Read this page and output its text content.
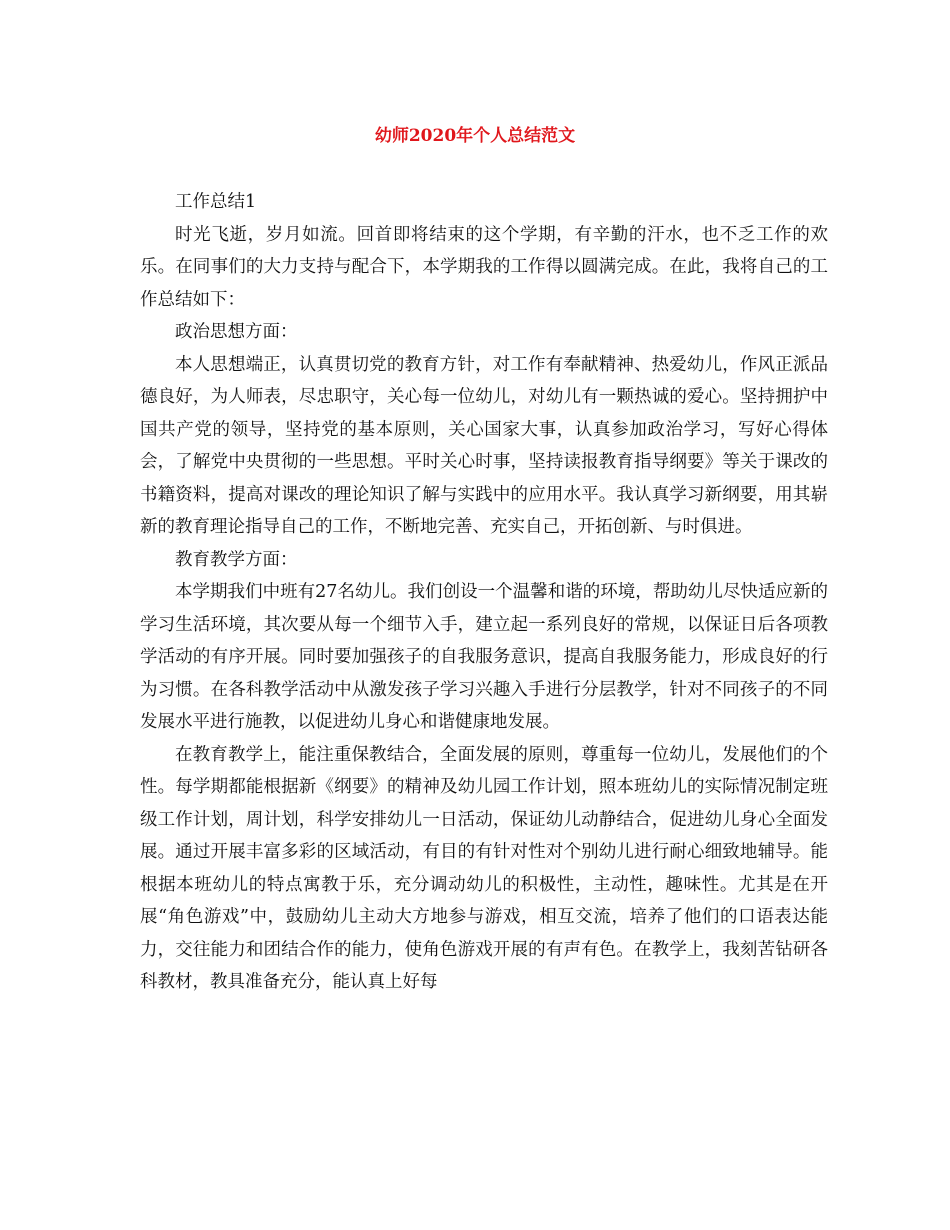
幼师2020年个人总结范文

工作总结1

时光飞逝，岁月如流。回首即将结束的这个学期，有辛勤的汗水，也不乏工作的欢乐。在同事们的大力支持与配合下，本学期我的工作得以圆满完成。在此，我将自己的工作总结如下：

政治思想方面：

本人思想端正，认真贯切党的教育方针，对工作有奉献精神、热爱幼儿，作风正派品德良好，为人师表，尽忠职守，关心每一位幼儿，对幼儿有一颗热诚的爱心。坚持拥护中国共产党的领导，坚持党的基本原则，关心国家大事，认真参加政治学习，写好心得体会，了解党中央贯彻的一些思想。平时关心时事，坚持读报教育指导纲要》等关于课改的书籍资料，提高对课改的理论知识了解与实践中的应用水平。我认真学习新纲要，用其崭新的教育理论指导自己的工作，不断地完善、充实自己，开拓创新、与时俱进。

教育教学方面：

本学期我们中班有27名幼儿。我们创设一个温馨和谐的环境，帮助幼儿尽快适应新的学习生活环境，其次要从每一个细节入手，建立起一系列良好的常规，以保证日后各项教学活动的有序开展。同时要加强孩子的自我服务意识，提高自我服务能力，形成良好的行为习惯。在各科教学活动中从激发孩子学习兴趣入手进行分层教学，针对不同孩子的不同发展水平进行施教，以促进幼儿身心和谐健康地发展。

在教育教学上，能注重保教结合，全面发展的原则，尊重每一位幼儿，发展他们的个性。每学期都能根据新《纲要》的精神及幼儿园工作计划，照本班幼儿的实际情况制定班级工作计划，周计划，科学安排幼儿一日活动，保证幼儿动静结合，促进幼儿身心全面发展。通过开展丰富多彩的区域活动，有目的有针对性对个别幼儿进行耐心细致地辅导。能根据本班幼儿的特点寓教于乐，充分调动幼儿的积极性，主动性，趣味性。尤其是在开展“角色游戏”中，鼓励幼儿主动大方地参与游戏，相互交流，培养了他们的口语表达能力，交往能力和团结合作的能力，使角色游戏开展的有声有色。在教学上，我刻苦钻研各科教材，教具准备充分，能认真上好每
